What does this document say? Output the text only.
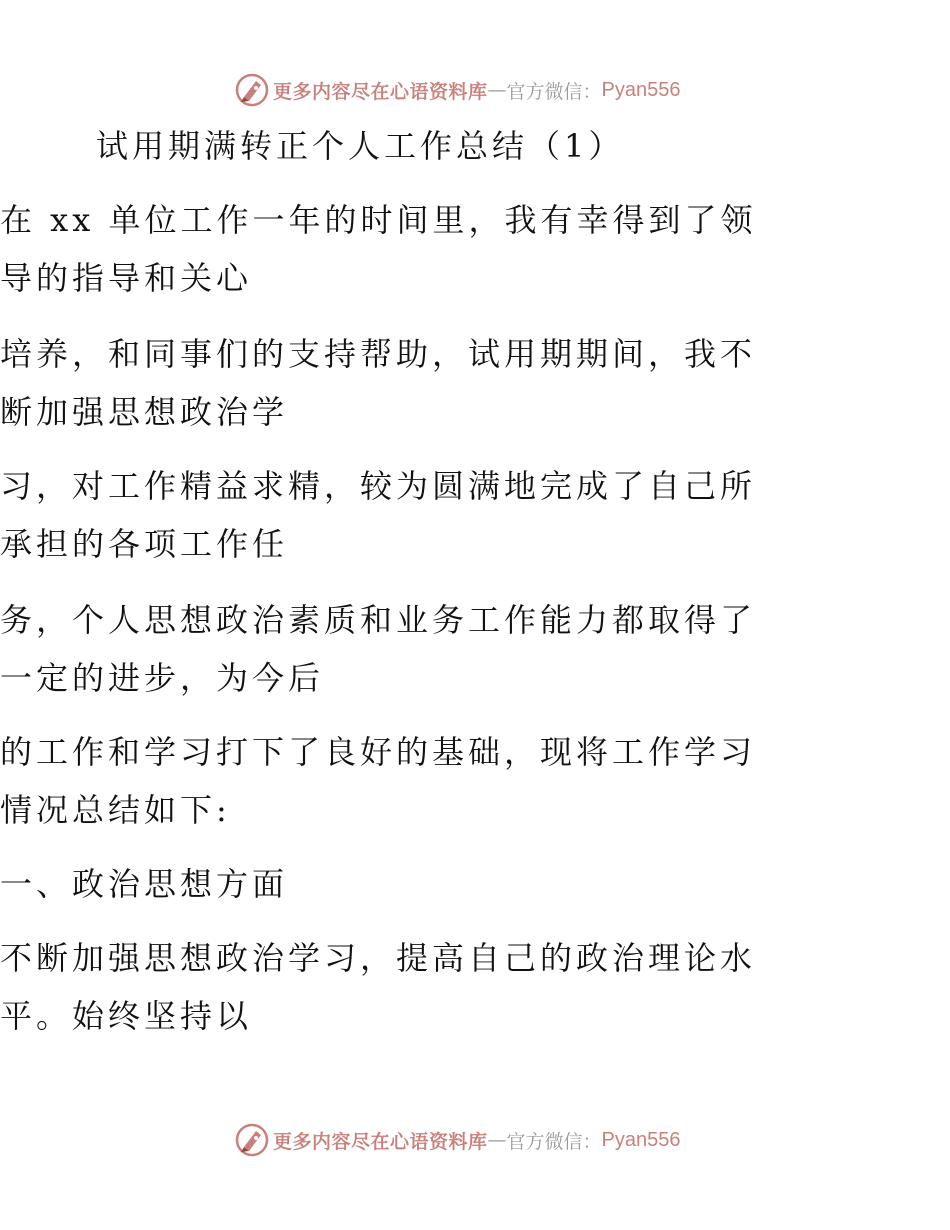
更多内容尽在心语资料库 — 官方微信： Pyan556
试用期满转正个人工作总结（1）
在 xx 单位工作一年的时间里，我有幸得到了领
导的指导和关心
培养，和同事们的支持帮助，试用期期间，我不
断加强思想政治学
习，对工作精益求精，较为圆满地完成了自己所
承担的各项工作任
务，个人思想政治素质和业务工作能力都取得了
一定的进步，为今后
的工作和学习打下了良好的基础，现将工作学习
情况总结如下:
一、政治思想方面
不断加强思想政治学习，提高自己的政治理论水
平。始终坚持以
更多内容尽在心语资料库 — 官方微信： Pyan556
